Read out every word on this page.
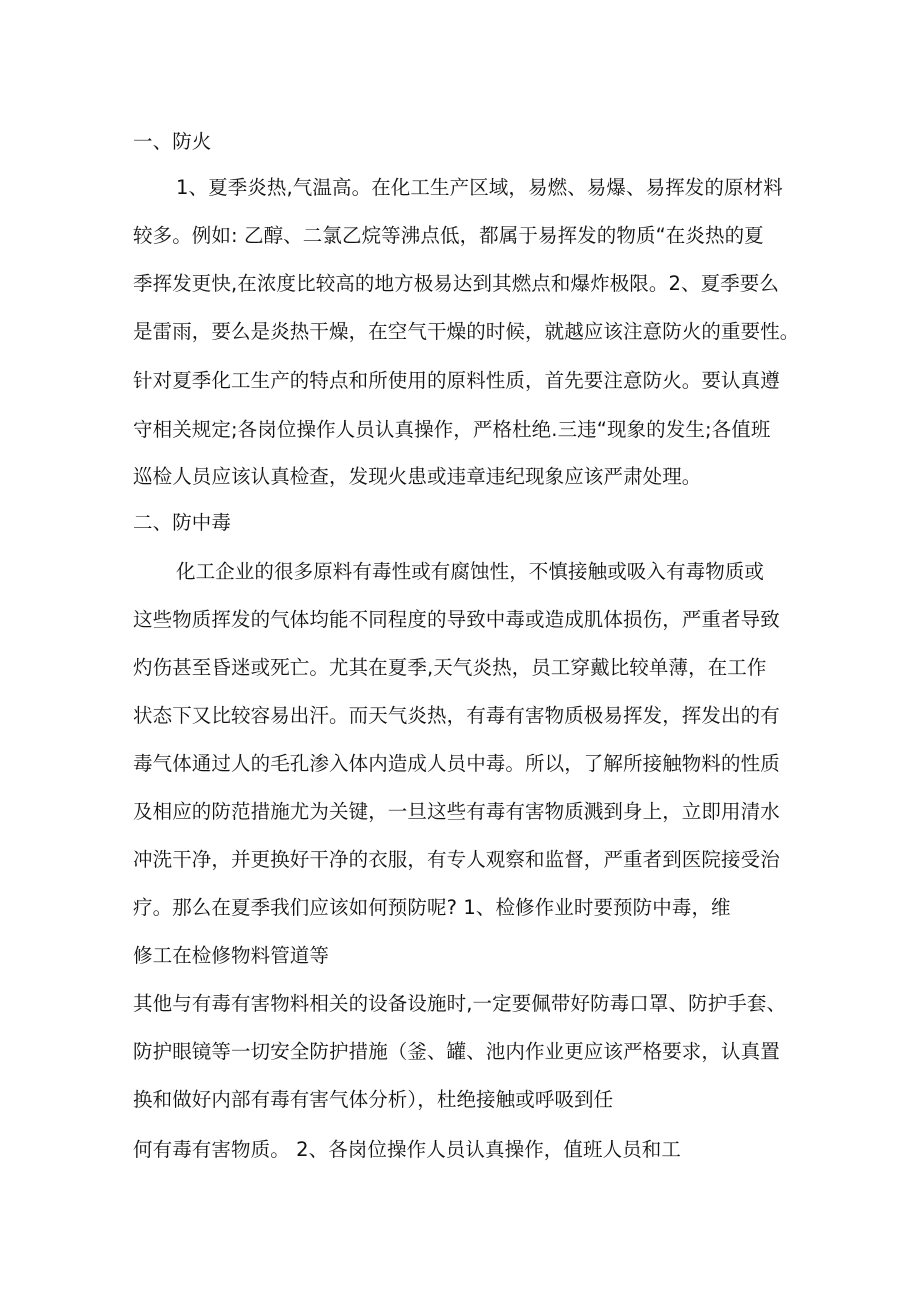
一、防火
1、夏季炎热,气温高。在化工生产区域，易燃、易爆、易挥发的原材料
较多。例如: 乙醇、二氯乙烷等沸点低，都属于易挥发的物质“在炎热的夏
季挥发更快,在浓度比较高的地方极易达到其燃点和爆炸极限。2、夏季要么
是雷雨，要么是炎热干燥，在空气干燥的时候，就越应该注意防火的重要性。
针对夏季化工生产的特点和所使用的原料性质，首先要注意防火。要认真遵
守相关规定;各岗位操作人员认真操作，严格杜绝.三违“现象的发生;各值班
巡检人员应该认真检查，发现火患或违章违纪现象应该严肃处理。
二、防中毒
化工企业的很多原料有毒性或有腐蚀性，不慎接触或吸入有毒物质或
这些物质挥发的气体均能不同程度的导致中毒或造成肌体损伤，严重者导致
灼伤甚至昏迷或死亡。尤其在夏季,天气炎热，员工穿戴比较单薄，在工作
状态下又比较容易出汗。而天气炎热，有毒有害物质极易挥发，挥发出的有
毒气体通过人的毛孔渗入体内造成人员中毒。所以，了解所接触物料的性质
及相应的防范措施尤为关键，一旦这些有毒有害物质溅到身上，立即用清水
冲洗干净，并更换好干净的衣服，有专人观察和监督，严重者到医院接受治
疗。那么在夏季我们应该如何预防呢? 1、检修作业时要预防中毒，维
修工在检修物料管道等
其他与有毒有害物料相关的设备设施时,一定要佩带好防毒口罩、防护手套、
防护眼镜等一切安全防护措施（釜、罐、池内作业更应该严格要求，认真置
换和做好内部有毒有害气体分析），杜绝接触或呼吸到任
何有毒有害物质。 2、各岗位操作人员认真操作，值班人员和工
